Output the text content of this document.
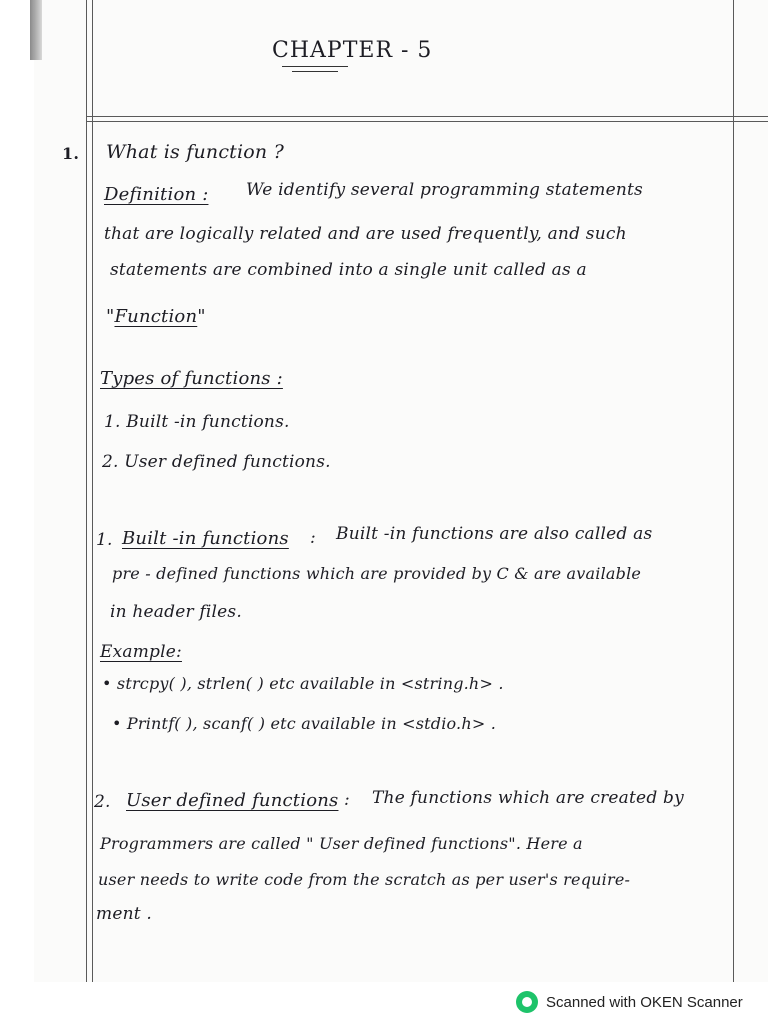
CHAPTER - 5
1. What is function ?
Definition : We identify several programming statements
that are logically related and are used frequently, and such
statements are combined into a single unit called as a
"Function"
Types of functions :
1. Built -in functions.
2. User defined functions.
1. Built -in functions : Built -in functions are also called as
pre - defined functions which are provided by C & are available
in header files.
Example:
• strcpy( ), strlen( ) etc available in <string.h> .
• Printf( ), scanf( ) etc available in <stdio.h> .
2. User defined functions : The functions which are created by
Programmers are called " User defined functions". Here a
user needs to write code from the scratch as per user's require-
ment .
Scanned with OKEN Scanner
